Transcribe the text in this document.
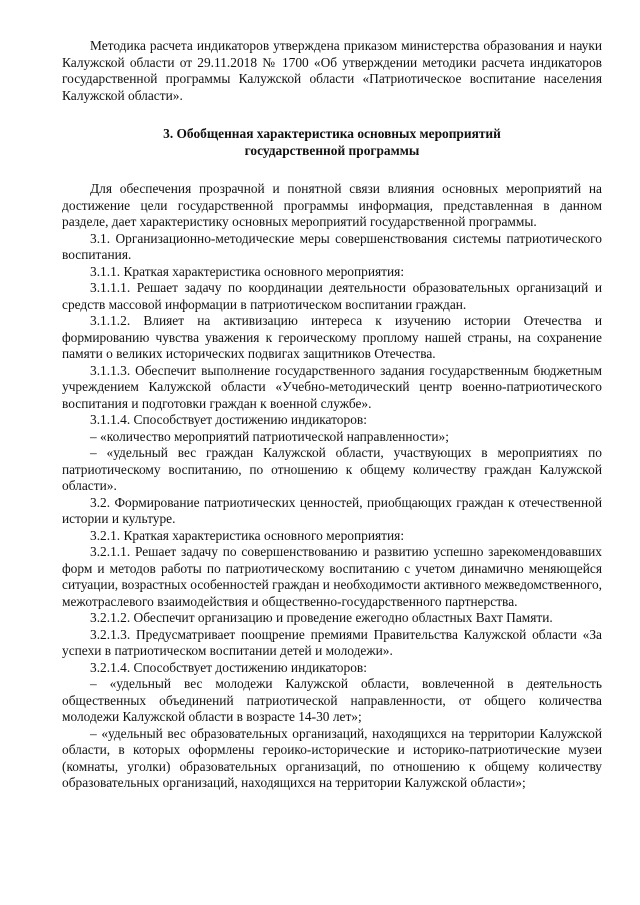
Методика расчета индикаторов утверждена приказом министерства образования и науки Калужской области от 29.11.2018 № 1700 «Об утверждении методики расчета индикаторов государственной программы Калужской области «Патриотическое воспитание населения Калужской области».

3. Обобщенная характеристика основных мероприятий
государственной программы

Для обеспечения прозрачной и понятной связи влияния основных мероприятий на достижение цели государственной программы информация, представленная в данном разделе, дает характеристику основных мероприятий государственной программы.

3.1. Организационно-методические меры совершенствования системы патриотического воспитания.

3.1.1. Краткая характеристика основного мероприятия:

3.1.1.1. Решает задачу по координации деятельности образовательных организаций и средств массовой информации в патриотическом воспитании граждан.

3.1.1.2. Влияет на активизацию интереса к изучению истории Отечества и формированию чувства уважения к героическому проплому нашей страны, на сохранение памяти о великих исторических подвигах защитников Отечества.

3.1.1.3. Обеспечит выполнение государственного задания государственным бюджетным учреждением Калужской области «Учебно-методический центр военно-патриотического воспитания и подготовки граждан к военной службе».

3.1.1.4. Способствует достижению индикаторов:

– «количество мероприятий патриотической направленности»;

– «удельный вес граждан Калужской области, участвующих в мероприятиях по патриотическому воспитанию, по отношению к общему количеству граждан Калужской области».

3.2. Формирование патриотических ценностей, приобщающих граждан к отечественной истории и культуре.

3.2.1. Краткая характеристика основного мероприятия:

3.2.1.1. Решает задачу по совершенствованию и развитию успешно зарекомендовавших форм и методов работы по патриотическому воспитанию с учетом динамично меняющейся ситуации, возрастных особенностей граждан и необходимости активного межведомственного, межотраслевого взаимодействия и общественно-государственного партнерства.

3.2.1.2. Обеспечит организацию и проведение ежегодно областных Вахт Памяти.

3.2.1.3. Предусматривает поощрение премиями Правительства Калужской области «За успехи в патриотическом воспитании детей и молодежи».

3.2.1.4. Способствует достижению индикаторов:

– «удельный вес молодежи Калужской области, вовлеченной в деятельность общественных объединений патриотической направленности, от общего количества молодежи Калужской области в возрасте 14-30 лет»;

– «удельный вес образовательных организаций, находящихся на территории Калужской области, в которых оформлены героико-исторические и историко-патриотические музеи (комнаты, уголки) образовательных организаций, по отношению к общему количеству образовательных организаций, находящихся на территории Калужской области»;
